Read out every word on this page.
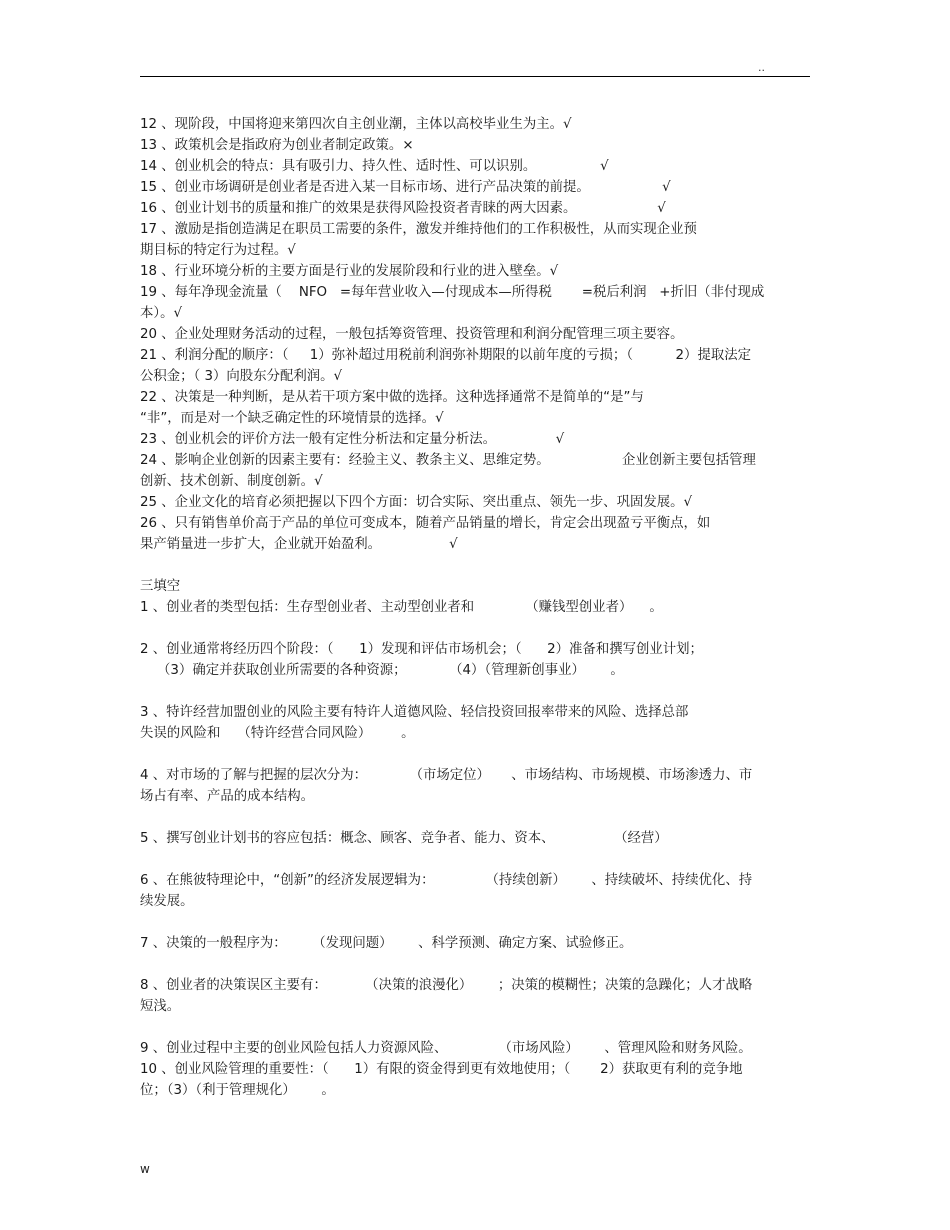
..
12 、现阶段，中国将迎来第四次自主创业潮，主体以高校毕业生为主。√
13 、政策机会是指政府为创业者制定政策。×
14 、创业机会的特点：具有吸引力、持久性、适时性、可以识别。               √
15 、创业市场调研是创业者是否进入某一目标市场、进行产品决策的前提。                 √
16 、创业计划书的质量和推广的效果是获得风险投资者青睐的两大因素。                   √
17 、激励是指创造满足在职员工需要的条件，激发并维持他们的工作积极性，从而实现企业预
期目标的特定行为过程。√
18 、行业环境分析的主要方面是行业的发展阶段和行业的进入壁垒。√
19 、每年净现金流量（    NFO   =每年营业收入—付现成本—所得税       =税后利润   +折旧（非付现成
本）。√
20 、企业处理财务活动的过程，一般包括筹资管理、投资管理和利润分配管理三项主要容。
21 、利润分配的顺序：（     1）弥补超过用税前利润弥补期限的以前年度的亏损；（          2）提取法定
公积金；（ 3）向股东分配利润。√
22 、决策是一种判断，是从若干项方案中做的选择。这种选择通常不是简单的“是”与
“非”，而是对一个缺乏确定性的环境情景的选择。√
23 、创业机会的评价方法一般有定性分析法和定量分析法。              √
24 、影响企业创新的因素主要有：经验主义、教条主义、思维定势。                 企业创新主要包括管理
创新、技术创新、制度创新。√
25 、企业文化的培育必须把握以下四个方面：切合实际、突出重点、领先一步、巩固发展。√
26 、只有销售单价高于产品的单位可变成本，随着产品销量的增长，肯定会出现盈亏平衡点，如
果产销量进一步扩大，企业就开始盈利。                √
三填空
1 、创业者的类型包括：生存型创业者、主动型创业者和            （赚钱型创业者）    。
2 、创业通常将经历四个阶段：（      1）发现和评估市场机会；（      2）准备和撰写创业计划；
（3）确定并获取创业所需要的各种资源；          （4）（管理新创事业）      。
3 、特许经营加盟创业的风险主要有特许人道德风险、轻信投资回报率带来的风险、选择总部
失误的风险和    （特许经营合同风险）       。
4 、对市场的了解与把握的层次分为：          （市场定位）     、市场结构、市场规模、市场渗透力、市
场占有率、产品的成本结构。
5 、撰写创业计划书的容应包括：概念、顾客、竞争者、能力、资本、              （经营）
6 、在熊彼特理论中，“创新”的经济发展逻辑为：            （持续创新）      、持续破坏、持续优化、持
续发展。
7 、决策的一般程序为：      （发现问题）      、科学预测、确定方案、试验修正。
8 、创业者的决策误区主要有：         （决策的浪漫化）      ；决策的模糊性；决策的急躁化；人才战略
短浅。
9 、创业过程中主要的创业风险包括人力资源风险、            （市场风险）      、管理风险和财务风险。
10 、创业风险管理的重要性：（      1）有限的资金得到更有效地使用；（       2）获取更有利的竞争地
位；（3）（利于管理规化）      。
w
